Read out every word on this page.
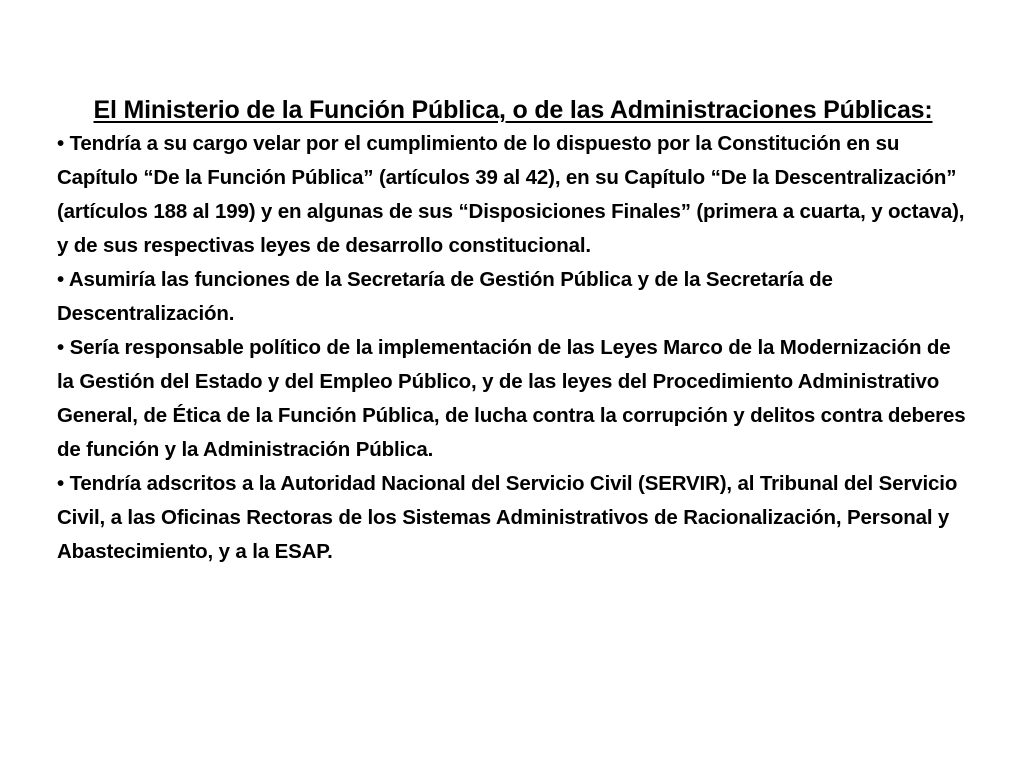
El Ministerio de la Función Pública, o de las Administraciones Públicas:
• Tendría a su cargo velar por el cumplimiento de lo dispuesto por la Constitución en su Capítulo “De la Función Pública” (artículos 39 al 42), en su Capítulo “De la Descentralización” (artículos 188 al 199) y en algunas de sus “Disposiciones Finales” (primera a cuarta, y octava), y de sus respectivas leyes de desarrollo constitucional.
• Asumiría las funciones de la Secretaría de Gestión Pública y de la Secretaría de Descentralización.
• Sería responsable político de la implementación de las Leyes Marco de la Modernización de la Gestión del Estado y del Empleo Público, y de las leyes del Procedimiento Administrativo General, de Ética de la Función Pública, de lucha contra la corrupción y delitos contra deberes de función y la Administración Pública.
• Tendría adscritos a la Autoridad Nacional del Servicio Civil (SERVIR), al Tribunal del Servicio Civil, a las Oficinas Rectoras de los Sistemas Administrativos de Racionalización, Personal y Abastecimiento, y a la ESAP.
